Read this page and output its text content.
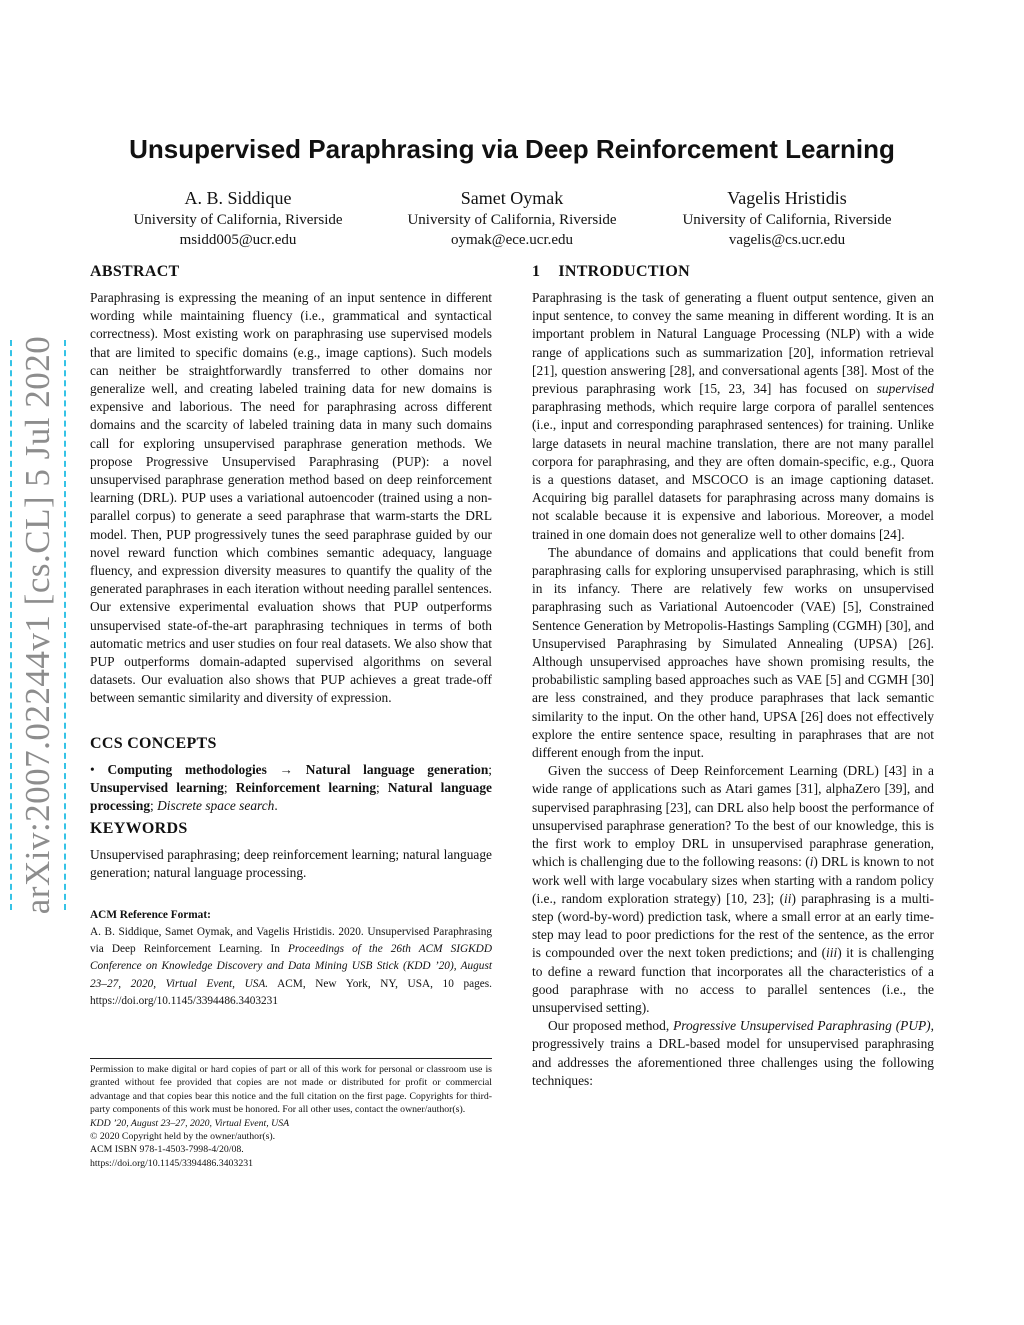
arXiv:2007.02244v1 [cs.CL] 5 Jul 2020
Unsupervised Paraphrasing via Deep Reinforcement Learning
A. B. Siddique
University of California, Riverside
msidd005@ucr.edu
Samet Oymak
University of California, Riverside
oymak@ece.ucr.edu
Vagelis Hristidis
University of California, Riverside
vagelis@cs.ucr.edu
ABSTRACT

Paraphrasing is expressing the meaning of an input sentence in different wording while maintaining fluency (i.e., grammatical and syntactical correctness). Most existing work on paraphrasing use supervised models that are limited to specific domains (e.g., image captions). Such models can neither be straightforwardly transferred to other domains nor generalize well, and creating labeled training data for new domains is expensive and laborious. The need for paraphrasing across different domains and the scarcity of labeled training data in many such domains call for exploring unsupervised paraphrase generation methods. We propose Progressive Unsupervised Paraphrasing (PUP): a novel unsupervised paraphrase generation method based on deep reinforcement learning (DRL). PUP uses a variational autoencoder (trained using a non-parallel corpus) to generate a seed paraphrase that warm-starts the DRL model. Then, PUP progressively tunes the seed paraphrase guided by our novel reward function which combines semantic adequacy, language fluency, and expression diversity measures to quantify the quality of the generated paraphrases in each iteration without needing parallel sentences. Our extensive experimental evaluation shows that PUP outperforms unsupervised state-of-the-art paraphrasing techniques in terms of both automatic metrics and user studies on four real datasets. We also show that PUP outperforms domain-adapted supervised algorithms on several datasets. Our evaluation also shows that PUP achieves a great trade-off between semantic similarity and diversity of expression.

CCS CONCEPTS

• Computing methodologies → Natural language generation; Unsupervised learning; Reinforcement learning; Natural language processing; Discrete space search.

KEYWORDS

Unsupervised paraphrasing; deep reinforcement learning; natural language generation; natural language processing.

ACM Reference Format:

A. B. Siddique, Samet Oymak, and Vagelis Hristidis. 2020. Unsupervised Paraphrasing via Deep Reinforcement Learning. In Proceedings of the 26th ACM SIGKDD Conference on Knowledge Discovery and Data Mining USB Stick (KDD ’20), August 23–27, 2020, Virtual Event, USA. ACM, New York, NY, USA, 10 pages. https://doi.org/10.1145/3394486.3403231

Permission to make digital or hard copies of part or all of this work for personal or classroom use is granted without fee provided that copies are not made or distributed for profit or commercial advantage and that copies bear this notice and the full citation on the first page. Copyrights for third-party components of this work must be honored. For all other uses, contact the owner/author(s).

KDD ’20, August 23–27, 2020, Virtual Event, USA

© 2020 Copyright held by the owner/author(s).

ACM ISBN 978-1-4503-7998-4/20/08.

https://doi.org/10.1145/3394486.3403231

1 INTRODUCTION

Paraphrasing is the task of generating a fluent output sentence, given an input sentence, to convey the same meaning in different wording. It is an important problem in Natural Language Processing (NLP) with a wide range of applications such as summarization [20], information retrieval [21], question answering [28], and conversational agents [38]. Most of the previous paraphrasing work [15, 23, 34] has focused on supervised paraphrasing methods, which require large corpora of parallel sentences (i.e., input and corresponding paraphrased sentences) for training. Unlike large datasets in neural machine translation, there are not many parallel corpora for paraphrasing, and they are often domain-specific, e.g., Quora is a questions dataset, and MSCOCO is an image captioning dataset. Acquiring big parallel datasets for paraphrasing across many domains is not scalable because it is expensive and laborious. Moreover, a model trained in one domain does not generalize well to other domains [24].

The abundance of domains and applications that could benefit from paraphrasing calls for exploring unsupervised paraphrasing, which is still in its infancy. There are relatively few works on unsupervised paraphrasing such as Variational Autoencoder (VAE) [5], Constrained Sentence Generation by Metropolis-Hastings Sampling (CGMH) [30], and Unsupervised Paraphrasing by Simulated Annealing (UPSA) [26]. Although unsupervised approaches have shown promising results, the probabilistic sampling based approaches such as VAE [5] and CGMH [30] are less constrained, and they produce paraphrases that lack semantic similarity to the input. On the other hand, UPSA [26] does not effectively explore the entire sentence space, resulting in paraphrases that are not different enough from the input.

Given the success of Deep Reinforcement Learning (DRL) [43] in a wide range of applications such as Atari games [31], alphaZero [39], and supervised paraphrasing [23], can DRL also help boost the performance of unsupervised paraphrase generation? To the best of our knowledge, this is the first work to employ DRL in unsupervised paraphrase generation, which is challenging due to the following reasons: (i) DRL is known to not work well with large vocabulary sizes when starting with a random policy (i.e., random exploration strategy) [10, 23]; (ii) paraphrasing is a multi-step (word-by-word) prediction task, where a small error at an early time-step may lead to poor predictions for the rest of the sentence, as the error is compounded over the next token predictions; and (iii) it is challenging to define a reward function that incorporates all the characteristics of a good paraphrase with no access to parallel sentences (i.e., the unsupervised setting).

Our proposed method, Progressive Unsupervised Paraphrasing (PUP), progressively trains a DRL-based model for unsupervised paraphrasing and addresses the aforementioned three challenges using the following techniques:
